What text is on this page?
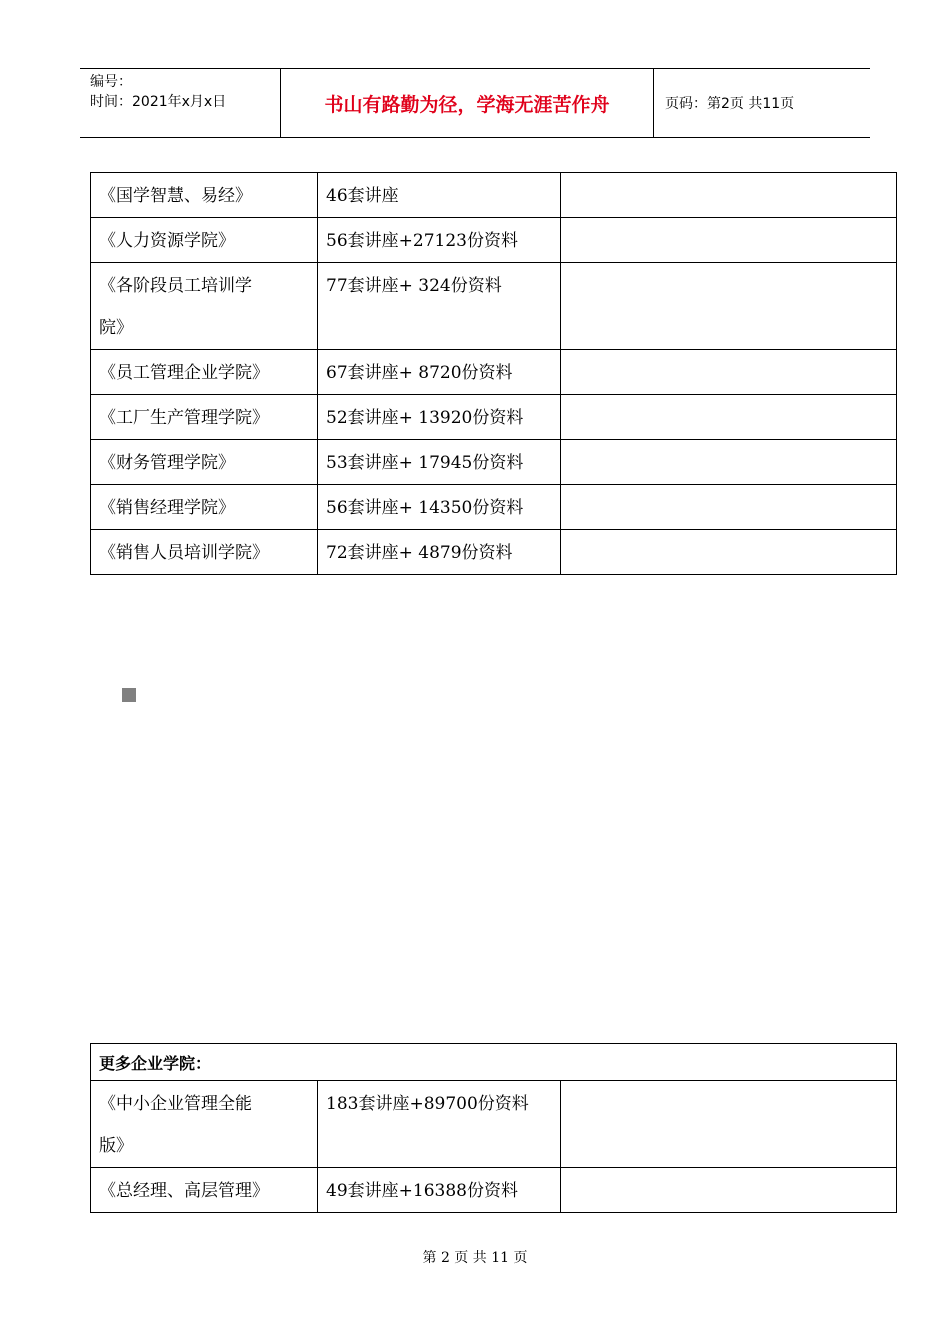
编号：
时间：2021年x月x日	书山有路勤为径，学海无涯苦作舟	页码：第2页 共11页
《国学智慧、易经》	46套讲座	
《人力资源学院》	56套讲座+27123份资料	
《各阶段员工培训学院》	77套讲座+ 324份资料	
《员工管理企业学院》	67套讲座+ 8720份资料	
《工厂生产管理学院》	52套讲座+ 13920份资料	
《财务管理学院》	53套讲座+ 17945份资料	
《销售经理学院》	56套讲座+ 14350份资料	
《销售人员培训学院》	72套讲座+ 4879份资料	
更多企业学院：		
《中小企业管理全能版》	183套讲座+89700份资料	
《总经理、高层管理》	49套讲座+16388份资料	
第 2 页 共 11 页
